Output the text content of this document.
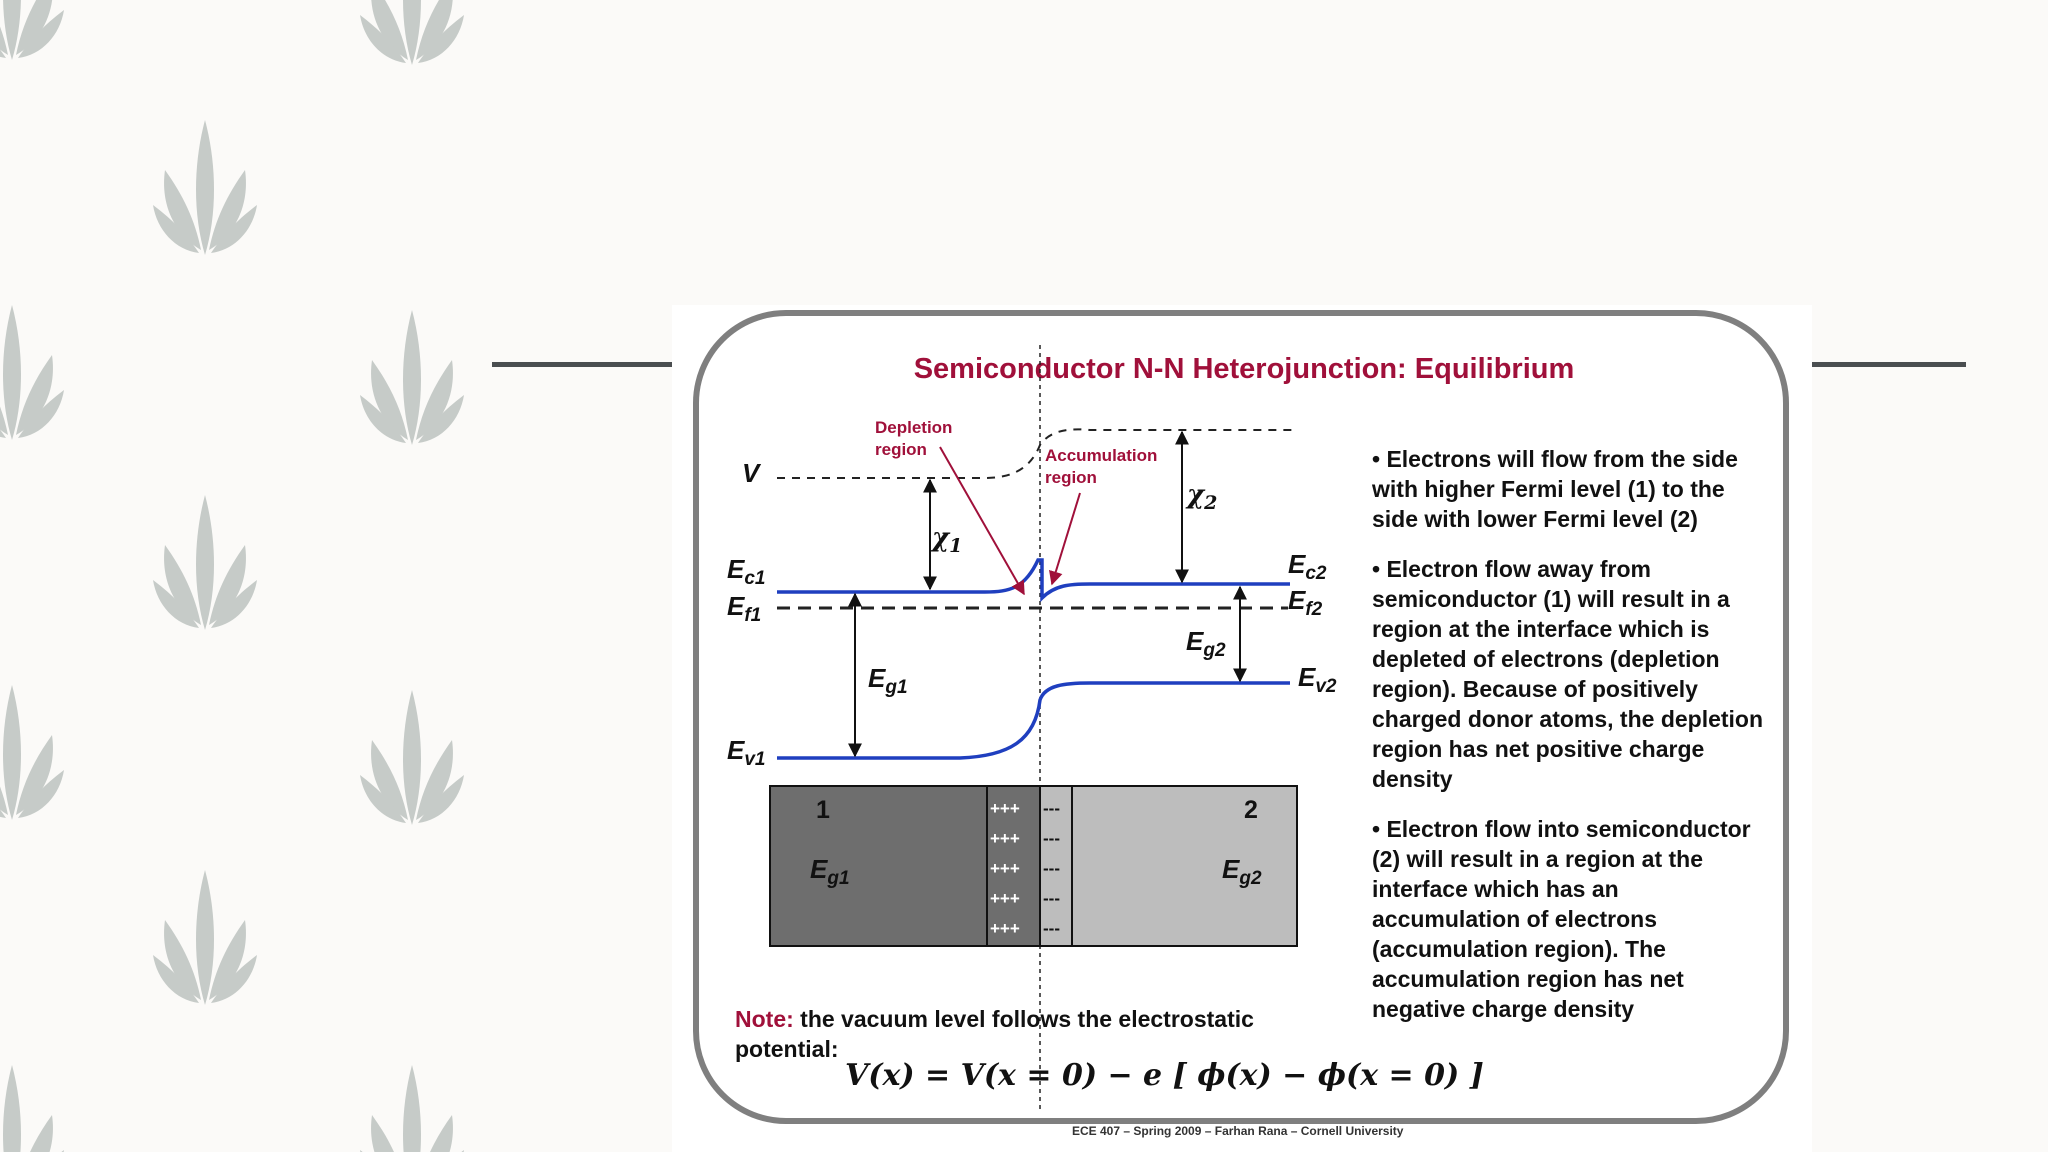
Semiconductor N-N Heterojunction: Equilibrium
V
$E_{c1}$
$E_{f1}$
$E_{v1}$
$E_{g1}$
$\chi_1$
$\chi_2$
$E_{c2}$
$E_{f2}$
$E_{g2}$
$E_{v2}$
Depletion region	Accumulation region
1	2
$E_{g1}$	$E_{g2}$
+++
+++
+++
+++
+++
---
---
---
---
---
• Electrons will flow from the side with higher Fermi level (1) to the side with lower Fermi level (2)
• Electron flow away from semiconductor (1) will result in a region at the interface which is depleted of electrons (depletion region). Because of positively charged donor atoms, the depletion region has net positive charge density
• Electron flow into semiconductor (2) will result in a region at the interface which has an accumulation of electrons (accumulation region). The accumulation region has net negative charge density
Note: the vacuum level follows the electrostatic potential:
V(x) = V(x = 0) − e [ ϕ(x) − ϕ(x = 0) ]
ECE 407 – Spring 2009 – Farhan Rana – Cornell University
